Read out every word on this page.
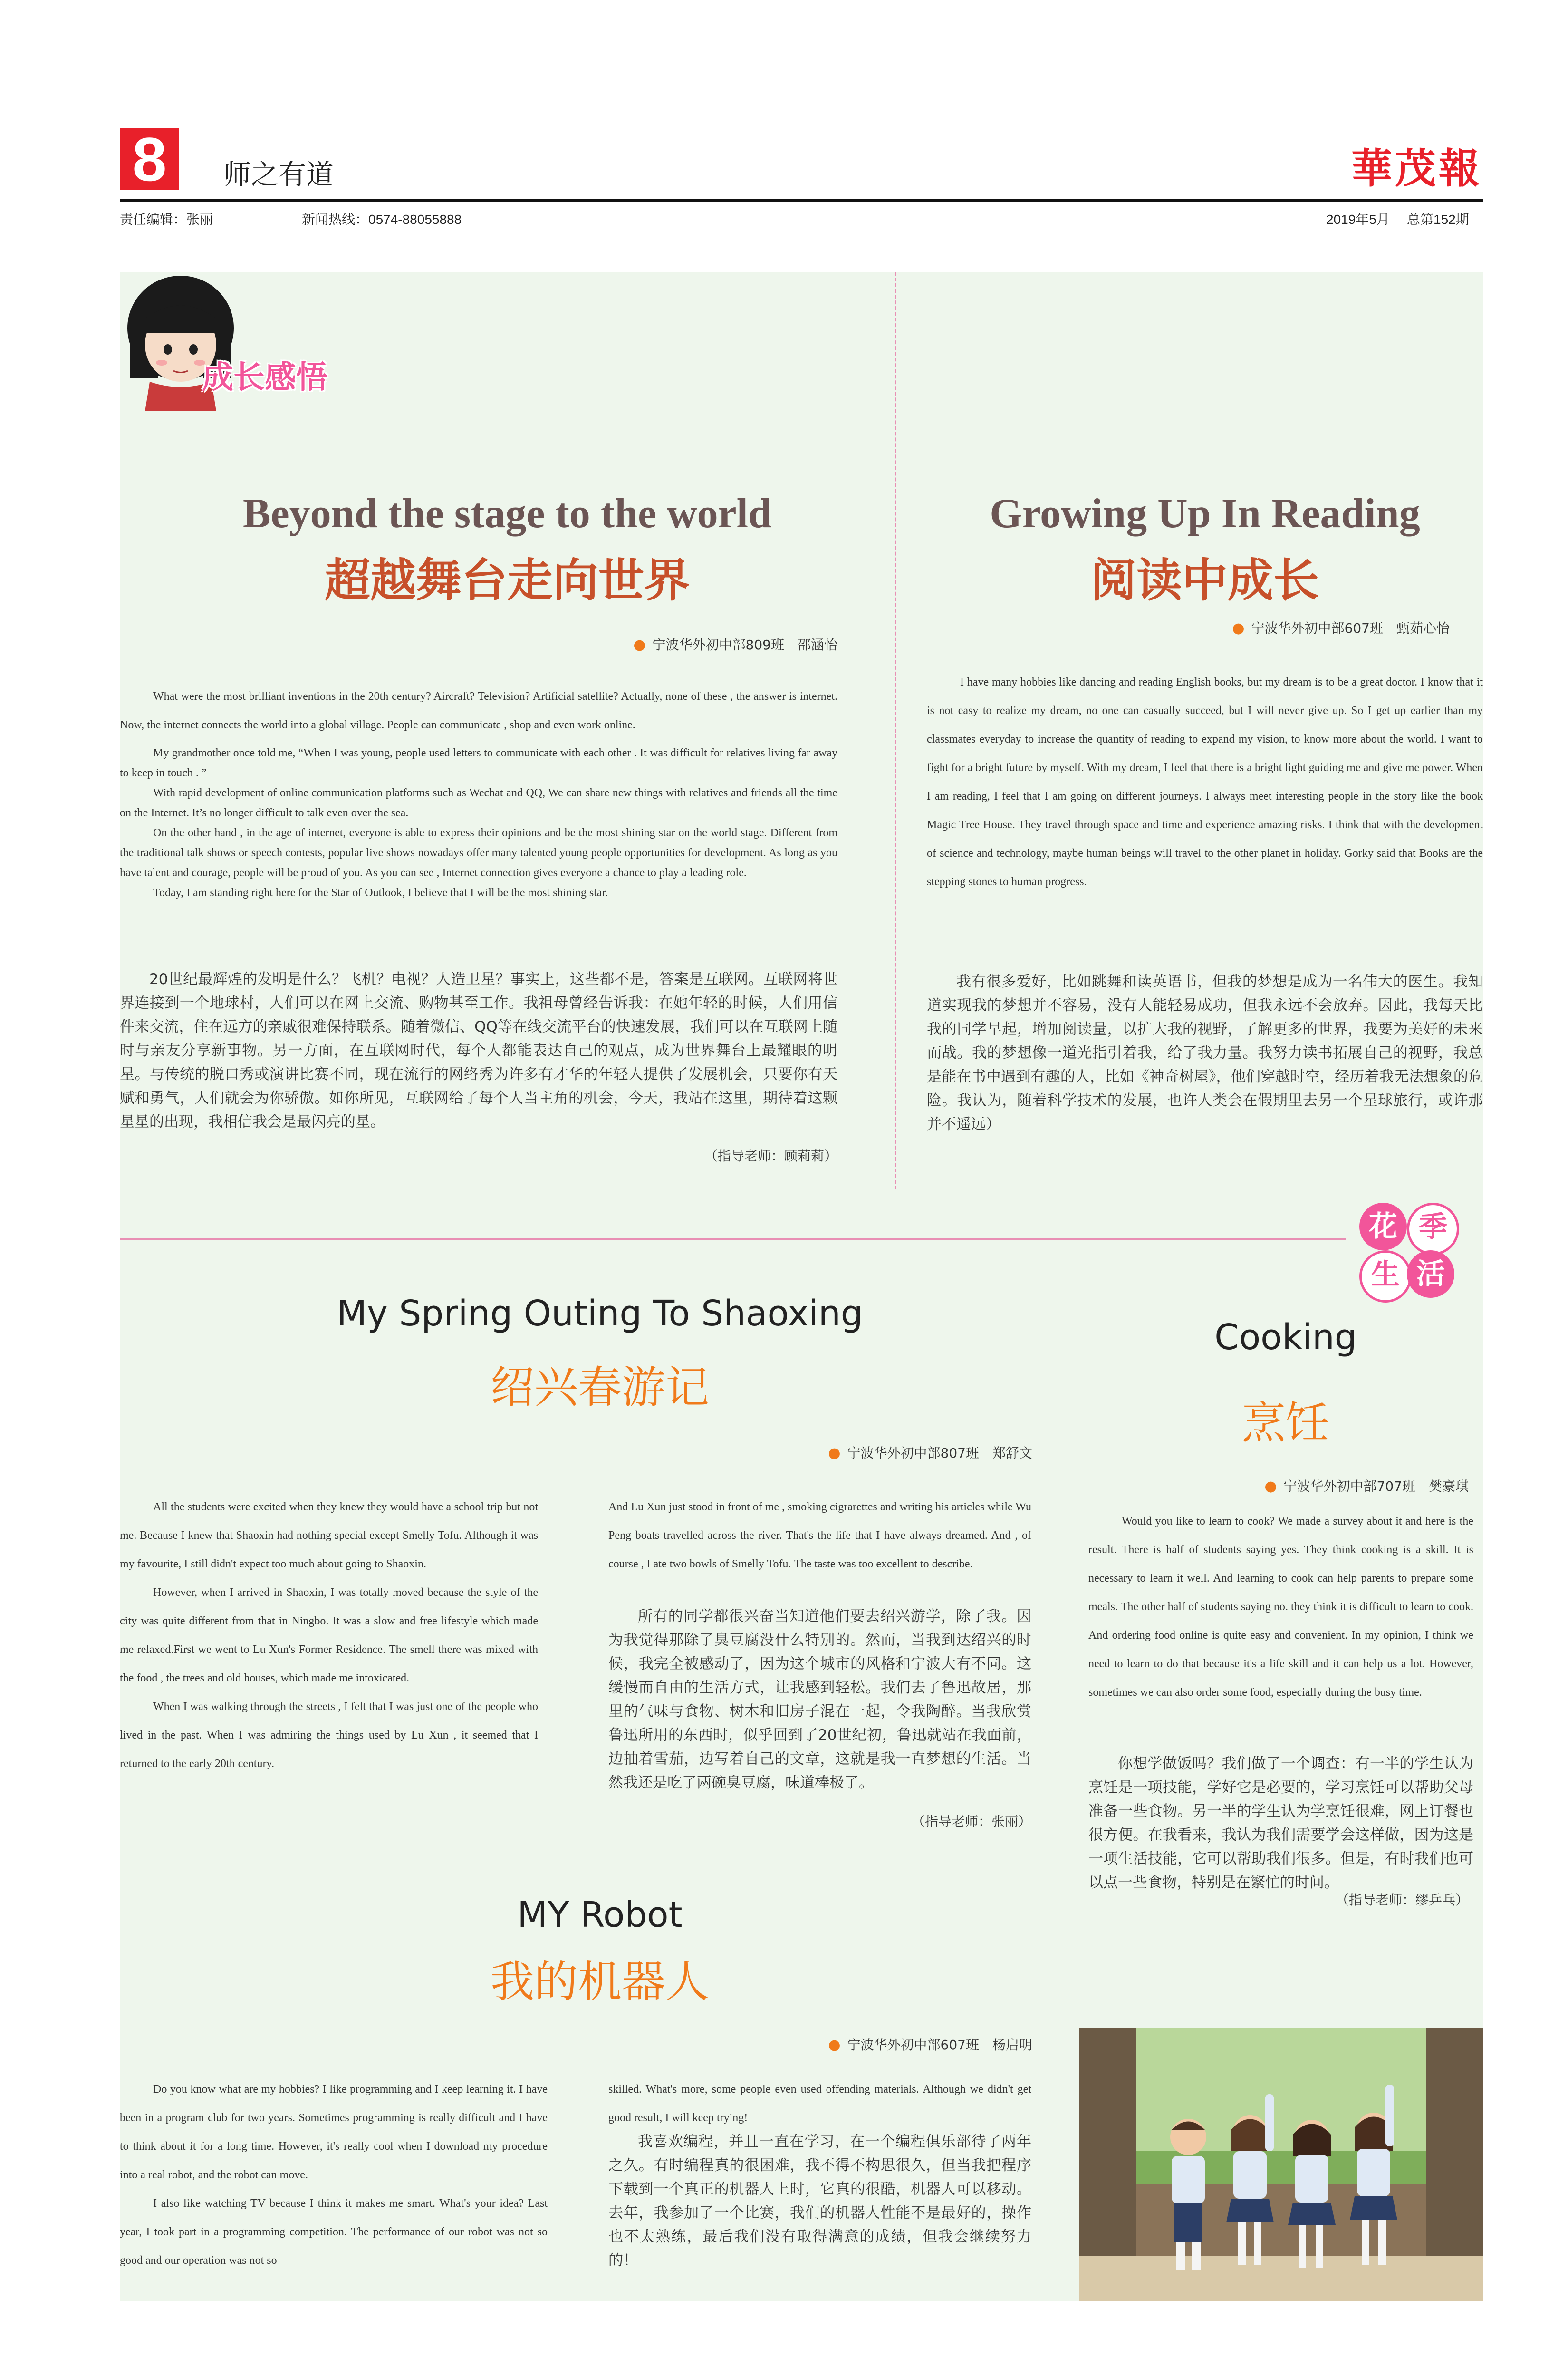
8	师之有道	華茂報
责任编辑：张丽	新闻热线：0574-88055888	2019年5月 总第152期
成长感悟
Beyond the stage to the world
超越舞台走向世界
● 宁波华外初中部809班　邵涵怡

What were the most brilliant inventions in the 20th century? Aircraft? Television? Artificial satellite? Actually, none of these , the answer is internet. Now, the internet connects the world into a global village. People can communicate , shop and even work online.

My grandmother once told me, “When I was young, people used letters to communicate with each other . It was difficult for relatives living far away to keep in touch . ”

With rapid development of online communication platforms such as Wechat and QQ, We can share new things with relatives and friends all the time on the Internet. It’s no longer difficult to talk even over the sea.

On the other hand , in the age of internet, everyone is able to express their opinions and be the most shining star on the world stage. Different from the traditional talk shows or speech contests, popular live shows nowadays offer many talented young people opportunities for development. As long as you have talent and courage, people will be proud of you. As you can see , Internet connection gives everyone a chance to play a leading role.

Today, I am standing right here for the Star of Outlook, I believe that I will be the most shining star.

20世纪最辉煌的发明是什么？飞机？电视？人造卫星？事实上，这些都不是，答案是互联网。互联网将世界连接到一个地球村，人们可以在网上交流、购物甚至工作。我祖母曾经告诉我：在她年轻的时候，人们用信件来交流，住在远方的亲戚很难保持联系。随着微信、QQ等在线交流平台的快速发展，我们可以在互联网上随时与亲友分享新事物。另一方面，在互联网时代，每个人都能表达自己的观点，成为世界舞台上最耀眼的明星。与传统的脱口秀或演讲比赛不同，现在流行的网络秀为许多有才华的年轻人提供了发展机会，只要你有天赋和勇气，人们就会为你骄傲。如你所见，互联网给了每个人当主角的机会，今天，我站在这里，期待着这颗星星的出现，我相信我会是最闪亮的星。

（指导老师：顾莉莉）
Growing Up In Reading
阅读中成长
● 宁波华外初中部607班　甄茹心怡

I have many hobbies like dancing and reading English books, but my dream is to be a great doctor. I know that it is not easy to realize my dream, no one can casually succeed, but I will never give up. So I get up earlier than my classmates everyday to increase the quantity of reading to expand my vision, to know more about the world. I want to fight for a bright future by myself. With my dream, I feel that there is a bright light guiding me and give me power. When I am reading, I feel that I am going on different journeys. I always meet interesting people in the story like the book Magic Tree House. They travel through space and time and experience amazing risks. I think that with the development of science and technology, maybe human beings will travel to the other planet in holiday. Gorky said that Books are the stepping stones to human progress.

我有很多爱好，比如跳舞和读英语书，但我的梦想是成为一名伟大的医生。我知道实现我的梦想并不容易，没有人能轻易成功，但我永远不会放弃。因此，我每天比我的同学早起，增加阅读量，以扩大我的视野，了解更多的世界，我要为美好的未来而战。我的梦想像一道光指引着我，给了我力量。我努力读书拓展自己的视野，我总是能在书中遇到有趣的人，比如《神奇树屋》，他们穿越时空，经历着我无法想象的危险。我认为，随着科学技术的发展，也许人类会在假期里去另一个星球旅行，或许那并不遥远）

花 季
生 活
My Spring Outing To Shaoxing
绍兴春游记
● 宁波华外初中部807班　郑舒文

All the students were excited when they knew they would have a school trip but not me. Because I knew that Shaoxin had nothing special except Smelly Tofu. Although it was my favourite, I still didn't expect too much about going to Shaoxin.

However, when I arrived in Shaoxin, I was totally moved because the style of the city was quite different from that in Ningbo. It was a slow and free lifestyle which made me relaxed.First we went to Lu Xun's Former Residence. The smell there was mixed with the food , the trees and old houses, which made me intoxicated.

When I was walking through the streets , I felt that I was just one of the people who lived in the past. When I was admiring the things used by Lu Xun , it seemed that I returned to the early 20th century.

And Lu Xun just stood in front of me , smoking cigrarettes and writing his articles while Wu Peng boats travelled across the river. That's the life that I have always dreamed. And , of course , I ate two bowls of Smelly Tofu. The taste was too excellent to describe.

所有的同学都很兴奋当知道他们要去绍兴游学，除了我。因为我觉得那除了臭豆腐没什么特别的。然而，当我到达绍兴的时候，我完全被感动了，因为这个城市的风格和宁波大有不同。这缓慢而自由的生活方式，让我感到轻松。我们去了鲁迅故居，那里的气味与食物、树木和旧房子混在一起，令我陶醉。当我欣赏鲁迅所用的东西时，似乎回到了20世纪初，鲁迅就站在我面前，边抽着雪茄，边写着自己的文章，这就是我一直梦想的生活。当然我还是吃了两碗臭豆腐，味道棒极了。

（指导老师：张丽）
Cooking
烹饪
● 宁波华外初中部707班　樊豪琪

Would you like to learn to cook? We made a survey about it and here is the result. There is half of students saying yes. They think cooking is a skill. It is necessary to learn it well. And learning to cook can help parents to prepare some meals. The other half of students saying no. they think it is difficult to learn to cook. And ordering food online is quite easy and convenient. In my opinion, I think we need to learn to do that because it's a life skill and it can help us a lot. However, sometimes we can also order some food, especially during the busy time.

你想学做饭吗？我们做了一个调查：有一半的学生认为烹饪是一项技能，学好它是必要的，学习烹饪可以帮助父母准备一些食物。另一半的学生认为学烹饪很难，网上订餐也很方便。在我看来，我认为我们需要学会这样做，因为这是一项生活技能，它可以帮助我们很多。但是，有时我们也可以点一些食物，特别是在繁忙的时间。

（指导老师：缪乒乓）
MY Robot
我的机器人
● 宁波华外初中部607班　杨启明

Do you know what are my hobbies? I like programming and I keep learning it. I have been in a program club for two years. Sometimes programming is really difficult and I have to think about it for a long time. However, it's really cool when I download my procedure into a real robot, and the robot can move.

I also like watching TV because I think it makes me smart. What's your idea? Last year, I took part in a programming competition. The performance of our robot was not so good and our operation was not so

skilled. What's more, some people even used offending materials. Although we didn't get good result, I will keep trying!

我喜欢编程，并且一直在学习，在一个编程俱乐部待了两年之久。有时编程真的很困难，我不得不构思很久，但当我把程序下载到一个真正的机器人上时，它真的很酷，机器人可以移动。去年，我参加了一个比赛，我们的机器人性能不是最好的，操作也不太熟练，最后我们没有取得满意的成绩，但我会继续努力的！
